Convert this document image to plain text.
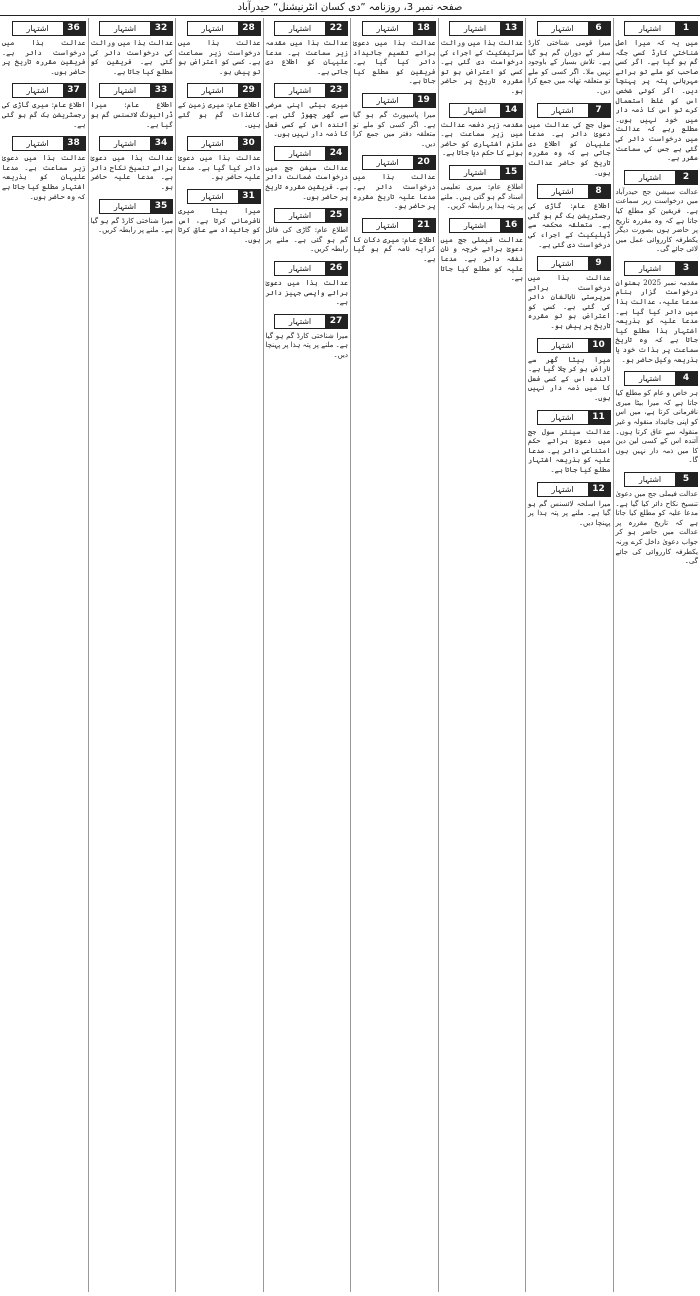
صفحہ نمبر 3، روزنامہ ”دی کسان انٹرنیشنل“ حیدرآباد
1
اشتہار
میں یہ کہ میرا اصل شناختی کارڈ کسی جگہ گم ہو گیا ہے۔ اگر کسی صاحب کو ملے تو برائے مہربانی پتہ پر پہنچا دیں۔ اگر کوئی شخص اس کو غلط استعمال کرے تو اس کا ذمہ دار میں خود نہیں ہوں۔ مطلع رہے کہ عدالت میں درخواست دائر کی گئی ہے جس کی سماعت مقرر ہے۔
2
اشتہار
عدالت سیشن جج حیدرآباد میں درخواست زیر سماعت ہے۔ فریقین کو مطلع کیا جاتا ہے کہ وہ مقررہ تاریخ پر حاضر ہوں بصورت دیگر یکطرفہ کارروائی عمل میں لائی جائے گی۔
3
اشتہار
مقدمہ نمبر 2025 بعنوان درخواست گزار بنام مدعا علیہ، عدالت ہذا میں دائر کیا گیا ہے۔ مدعا علیہ کو بذریعہ اشتہار ہذا مطلع کیا جاتا ہے کہ وہ تاریخ سماعت پر بذات خود یا بذریعہ وکیل حاضر ہو۔
4
اشتہار
ہر خاص و عام کو مطلع کیا جاتا ہے کہ میرا بیٹا میری نافرمانی کرتا ہے، میں اس کو اپنی جائیداد منقولہ و غیر منقولہ سے عاق کرتا ہوں۔ آئندہ اس کے کسی لین دین کا میں ذمہ دار نہیں ہوں گا۔
5
اشتہار
عدالت فیملی جج میں دعویٰ تنسیخ نکاح دائر کیا گیا ہے۔ مدعا علیہ کو مطلع کیا جاتا ہے کہ تاریخ مقررہ پر عدالت میں حاضر ہو کر جواب دعویٰ داخل کرے ورنہ یکطرفہ کارروائی کی جائے گی۔
6
اشتہار
میرا قومی شناختی کارڈ سفر کے دوران گم ہو گیا ہے۔ تلاش بسیار کے باوجود نہیں ملا۔ اگر کسی کو ملے تو متعلقہ تھانہ میں جمع کرا دیں۔
7
اشتہار
سول جج کی عدالت میں دعویٰ دائر ہے۔ مدعا علیہان کو اطلاع دی جاتی ہے کہ وہ مقررہ تاریخ کو حاضر عدالت ہوں۔
8
اشتہار
اطلاع عام: گاڑی کی رجسٹریشن بک گم ہو گئی ہے۔ متعلقہ محکمہ سے ڈپلیکیٹ کے اجراء کی درخواست دی گئی ہے۔
9
اشتہار
عدالت ہذا میں درخواست برائے سرپرستی نابالغان دائر کی گئی ہے۔ کسی کو اعتراض ہو تو مقررہ تاریخ پر پیش ہو۔
10
اشتہار
میرا بیٹا گھر سے ناراض ہو کر چلا گیا ہے۔ آئندہ اس کے کسی فعل کا میں ذمہ دار نہیں ہوں۔
11
اشتہار
عدالت سینئر سول جج میں دعویٰ برائے حکم امتناعی دائر ہے۔ مدعا علیہ کو بذریعہ اشتہار مطلع کیا جاتا ہے۔
12
اشتہار
میرا اسلحہ لائسنس گم ہو گیا ہے۔ ملنے پر پتہ ہذا پر پہنچا دیں۔
13
اشتہار
عدالت ہذا میں وراثت سرٹیفکیٹ کے اجراء کی درخواست دی گئی ہے۔ کسی کو اعتراض ہو تو مقررہ تاریخ پر حاضر ہو۔
14
اشتہار
مقدمہ زیر دفعہ عدالت میں زیر سماعت ہے۔ ملزم اشتہاری کو حاضر ہونے کا حکم دیا جاتا ہے۔
15
اشتہار
اطلاع عام: میری تعلیمی اسناد گم ہو گئی ہیں۔ ملنے پر پتہ ہذا پر رابطہ کریں۔
16
اشتہار
عدالت فیملی جج میں دعویٰ برائے خرچہ و نان نفقہ دائر ہے۔ مدعا علیہ کو مطلع کیا جاتا ہے۔
18
اشتہار
عدالت ہذا میں دعویٰ برائے تقسیم جائیداد دائر کیا گیا ہے۔ فریقین کو مطلع کیا جاتا ہے۔
19
اشتہار
میرا پاسپورٹ گم ہو گیا ہے۔ اگر کسی کو ملے تو متعلقہ دفتر میں جمع کرا دیں۔
20
اشتہار
عدالت ہذا میں درخواست دائر ہے۔ مدعا علیہ تاریخ مقررہ پر حاضر ہو۔
21
اشتہار
اطلاع عام: میری دکان کا کرایہ نامہ گم ہو گیا ہے۔
22
اشتہار
عدالت ہذا میں مقدمہ زیر سماعت ہے۔ مدعا علیہان کو اطلاع دی جاتی ہے۔
23
اشتہار
میری بیٹی اپنی مرضی سے گھر چھوڑ گئی ہے۔ آئندہ اس کے کسی فعل کا ذمہ دار نہیں ہوں۔
24
اشتہار
عدالت سیشن جج میں درخواست ضمانت دائر ہے۔ فریقین مقررہ تاریخ پر حاضر ہوں۔
25
اشتہار
اطلاع عام: گاڑی کی فائل گم ہو گئی ہے۔ ملنے پر رابطہ کریں۔
26
اشتہار
عدالت ہذا میں دعویٰ برائے واپسی جہیز دائر ہے۔
27
اشتہار
میرا شناختی کارڈ گم ہو گیا ہے۔ ملنے پر پتہ ہذا پر پہنچا دیں۔
28
اشتہار
عدالت ہذا میں درخواست زیر سماعت ہے۔ کسی کو اعتراض ہو تو پیش ہو۔
29
اشتہار
اطلاع عام: میری زمین کے کاغذات گم ہو گئے ہیں۔
30
اشتہار
عدالت ہذا میں دعویٰ دائر کیا گیا ہے۔ مدعا علیہ حاضر ہو۔
31
اشتہار
میرا بیٹا میری نافرمانی کرتا ہے، اس کو جائیداد سے عاق کرتا ہوں۔
32
اشتہار
عدالت ہذا میں وراثت کی درخواست دائر کی گئی ہے۔ فریقین کو مطلع کیا جاتا ہے۔
33
اشتہار
اطلاع عام: میرا ڈرائیونگ لائسنس گم ہو گیا ہے۔
34
اشتہار
عدالت ہذا میں دعویٰ برائے تنسیخ نکاح دائر ہے۔ مدعا علیہ حاضر ہو۔
35
اشتہار
میرا شناختی کارڈ گم ہو گیا ہے۔ ملنے پر رابطہ کریں۔
36
اشتہار
عدالت ہذا میں درخواست دائر ہے۔ فریقین مقررہ تاریخ پر حاضر ہوں۔
37
اشتہار
اطلاع عام: میری گاڑی کی رجسٹریشن بک گم ہو گئی ہے۔
38
اشتہار
عدالت ہذا میں دعویٰ زیر سماعت ہے۔ مدعا علیہان کو بذریعہ اشتہار مطلع کیا جاتا ہے کہ وہ حاضر ہوں۔
